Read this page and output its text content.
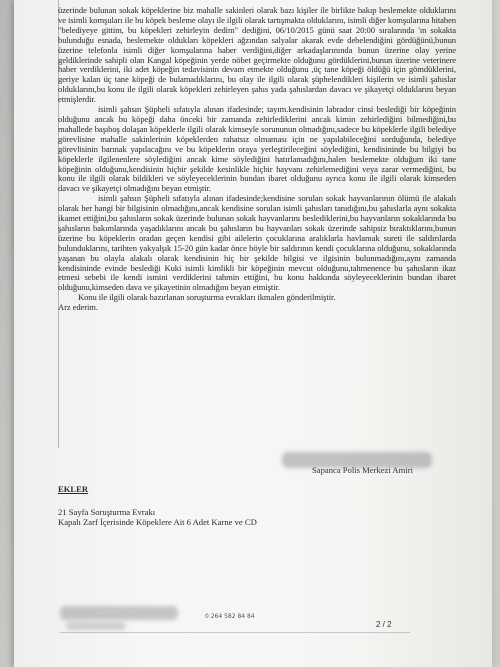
üzerinde bulunan sokak köpeklerine biz mahalle sakinleri olarak bazı kişiler ile birlikte bakıp beslemekte olduklarını ve isimli komşuları ile bu köpek besleme olayı ile ilgili olarak tartışmakta olduklarını, isimli diğer komşularına hitaben "belediyeye gittim, bu köpekleri zehirleyin dedim" dediğini, 06/10/2015 günü saat 20:00 sıralarında 'ın sokakta bulunduğu esnada, beslemekte oldukları köpekleri ağzından salyalar akarak evde debelendiğini gördüğünü,bunun üzerine telefonla isimli diğer komşularına haber verdiğini,diğer arkadaşlarınında bunun üzerine olay yerine geldiklerinde sahipli olan Kangal köpeğinin yerde nöbet geçirmekte olduğunu gördüklerini,bunun üzerine veterinere haber verdiklerini, iki adet köpeğin tedavisinin devam etmekte olduğunu ,üç tane köpeği öldüğü için gömdüklerini, geriye kalan üç tane köpeği de bulamadıklarını, bu olay ile ilgili olarak şüphelendikleri kişilerin ve isimli şahıslar olduklarını,bu konu ile ilgili olarak köpekleri zehirleyen şahıs yada şahıslardan davacı ve şikayetçi olduklarını beyan etmişlerdir.

isimli şahsın Şüpheli sıfatıyla alınan ifadesinde; tayım.kendisinin labrador cinsi beslediği bir köpeğinin olduğunu ancak bu köpeği daha önceki bir zamanda zehirlediklerini ancak kimin zehirlediğini bilmediğini,bu mahallede başıboş dolaşan köpeklerle ilgili olarak kimseyle sorununun olmadığını,sadece bu köpeklerle ilgili belediye görevlisine mahalle sakinlerinin köpeklerden rahatsız olmaması için ne yapılabileceğini sorduğunda, belediye görevlisinin barınak yapılacağını ve bu köpeklerin oraya yerleştirileceğini söylediğini, kendisininde bu bilgiyi bu köpeklerle ilgilenenlere söylediğini ancak kime söylediğini hatırlamadığını,halen beslemekte olduğum iki tane köpeğinin olduğunu,kendisinin hiçbir şekilde kesinlikle hiçbir hayvanı zehirlemediğini veya zarar vermediğini, bu konu ile ilgili olarak bildikleri ve söyleyeceklerinin bundan ibaret olduğunu ayrıca konu ile ilgili olarak kimseden davacı ve şikayetçi olmadığını beyan etmiştir.

isimli şahsın Şüpheli sıfatıyla alınan ifadesinde;kendisine sorulan sokak hayvanlarının ölümü ile alakalı olarak her hangi bir bilgisinin olmadığını,ancak kendisine sorulan isimli şahısları tanıdığını,bu şahıslarla aynı sokakta ikamet ettiğini,bu şahısların sokak üzerinde bulunan sokak hayvanlarını beslediklerini,bu hayvanların sokaklarında bu şahısların bakımlarında yaşadıklarını ancak bu şahısların bu hayvanları sokak üzerinde sahipsiz bıraktıklarını,bunun üzerine bu köpeklerin oradan geçen kendisi gibi ailelerin çocuklarına aralıklarla havlamak sureti ile saldırılarda bulunduklarını, tarihten yakyalşık 15-20 gün kadar önce böyle bir saldırının kendi çocuklarına olduğunu, sokaklarında yaşanan bu olayla alakalı olarak kendisinin hiç bir şekilde bilgisi ve ilgisinin bulunmadığını,aynı zamanda kendisininde evinde beslediği Kuki isimli kimlikli bir köpeğinin mevcut olduğunu,tahmenence bu şahısların ikaz etmesi sebebi ile kendi ismini verdiklerini tahmin ettiğini, bu konu hakkında söyleyeceklerinin bundan ibaret olduğunu,kimseden dava ve şikayetinin olmadığını beyan etmiştir.

Konu ile ilgili olarak hazırlanan soruşturma evrakları ikmalen gönderilmiştir.

Arz ederim.

Sapanca Polis Merkezi Amiri
EKLER
21 Sayfa Soruşturma Evrakı
Kapalı Zarf İçerisinde Köpeklere Ait 6 Adet Karne ve CD
0 264 582 84 84
2 / 2
